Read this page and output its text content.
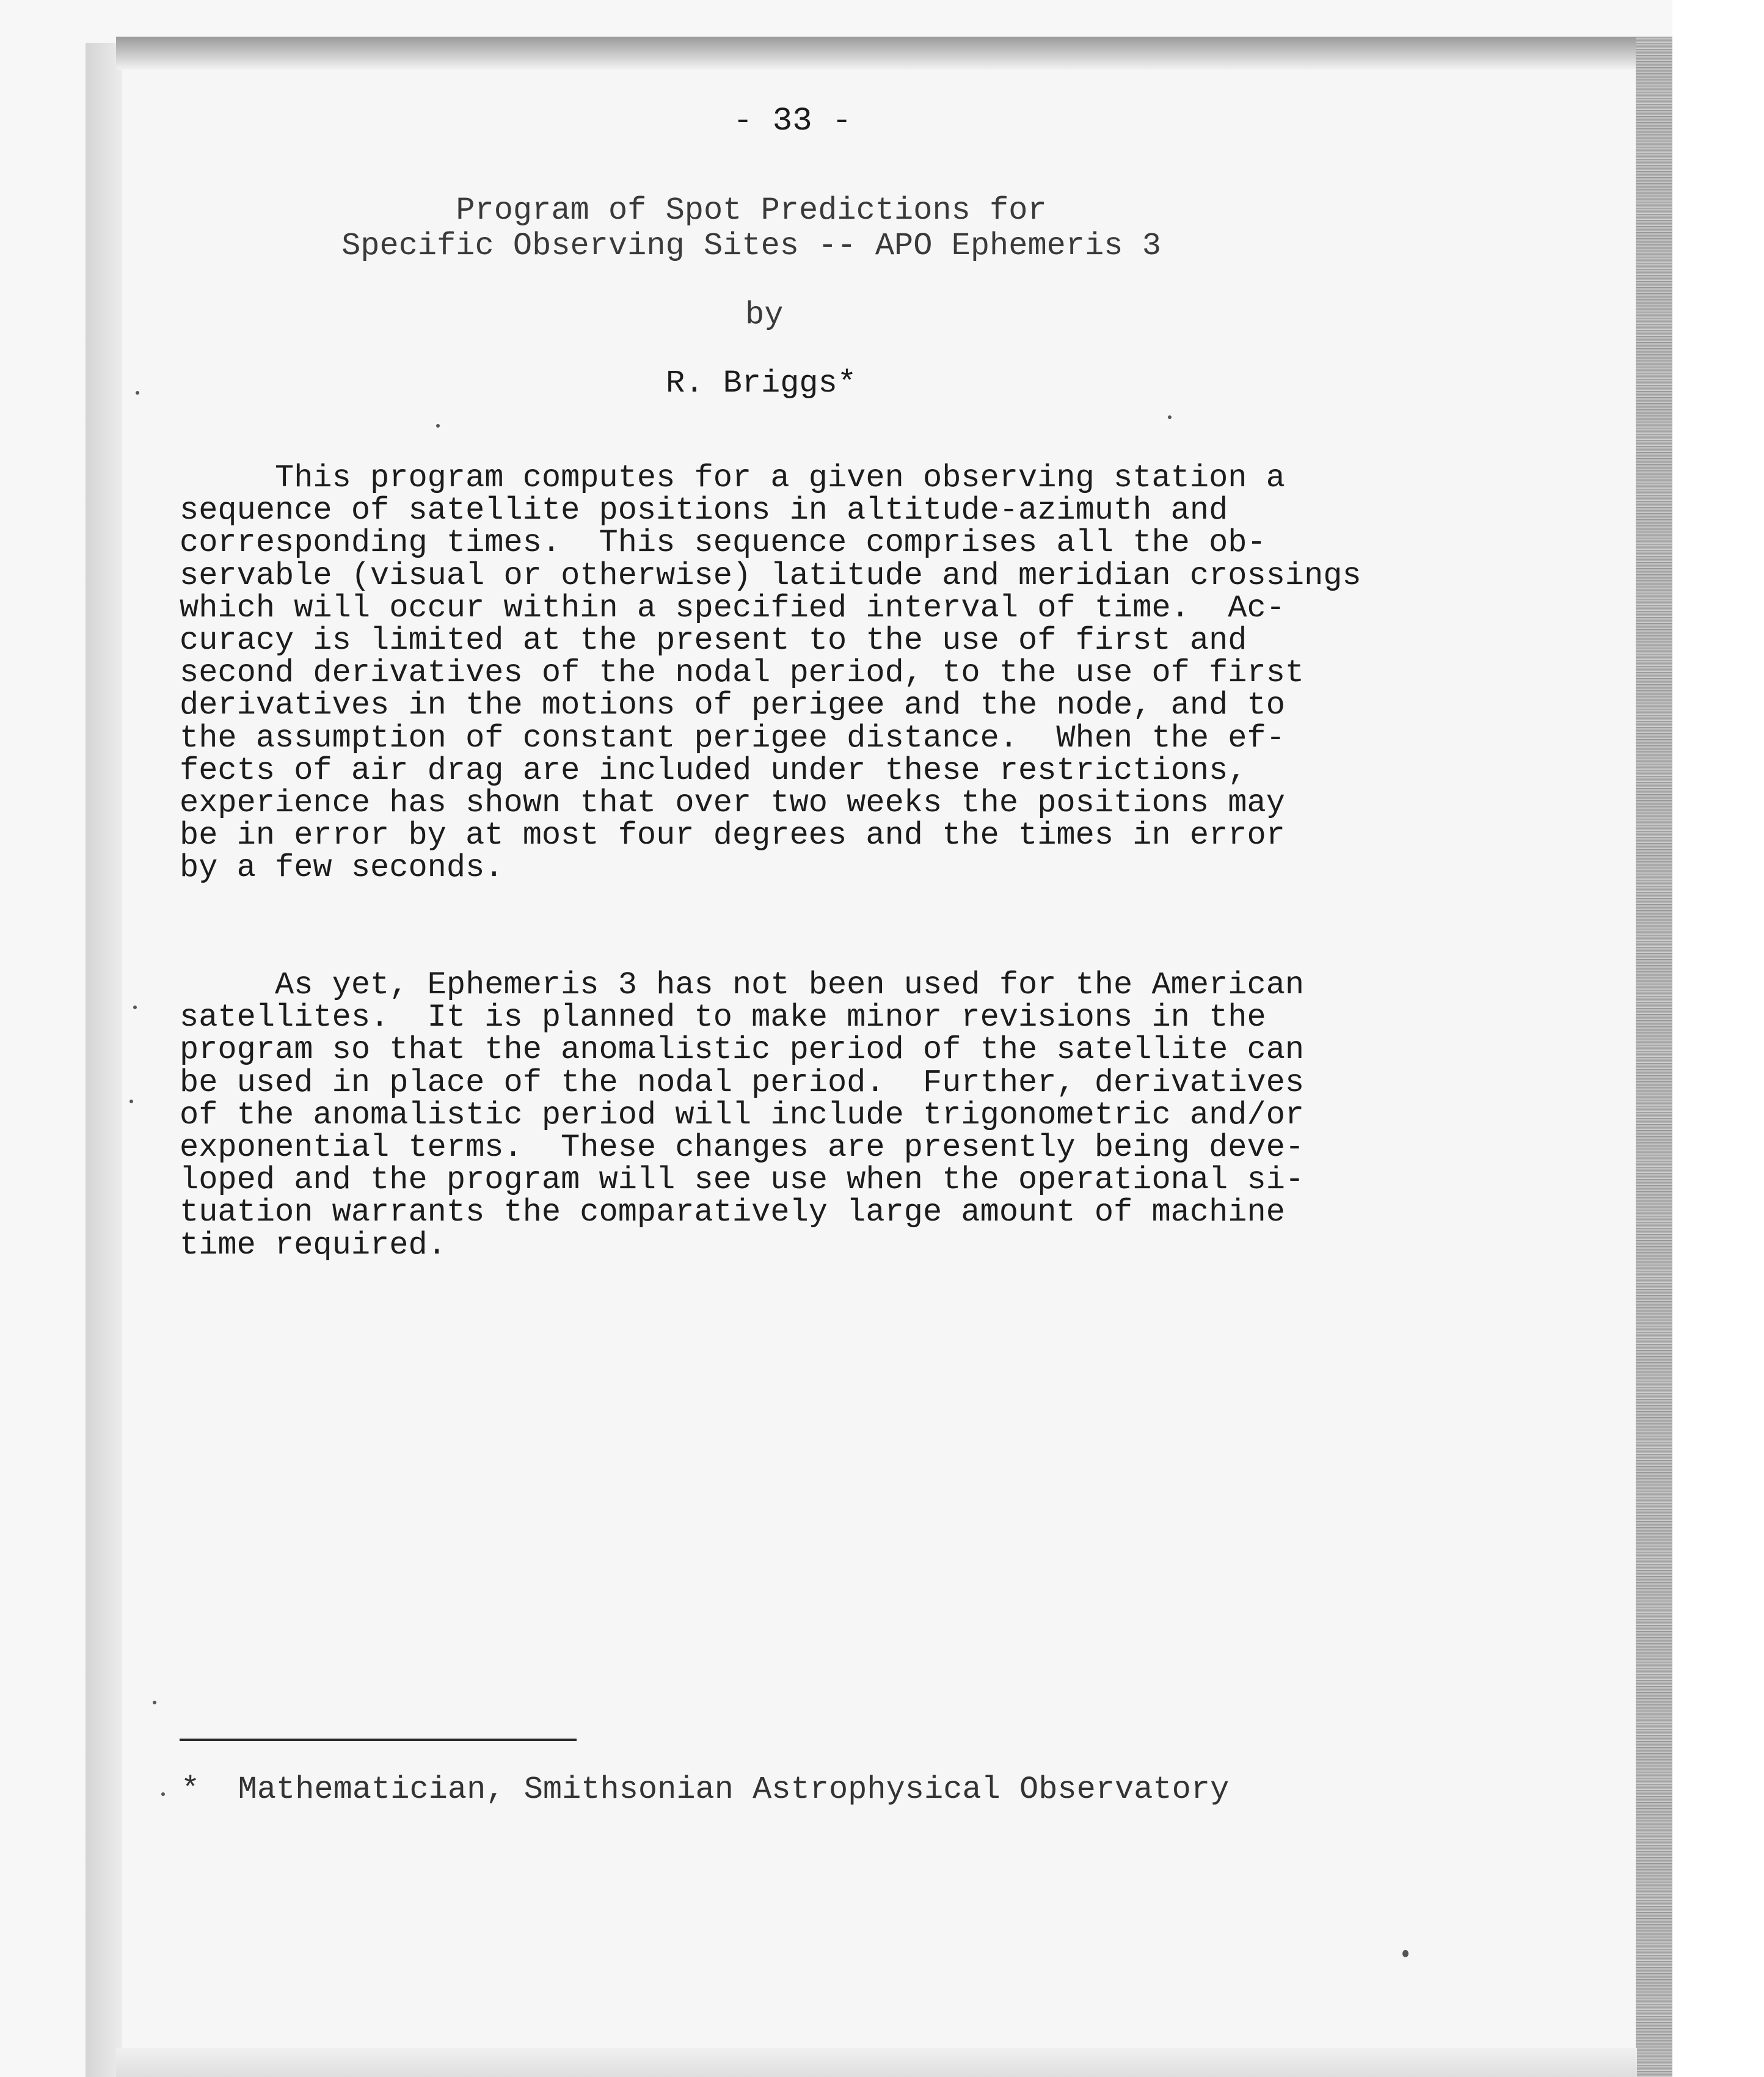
- 33 -
Program of Spot Predictions for
Specific Observing Sites -- APO Ephemeris 3
by
R. Briggs*
This program computes for a given observing station a
sequence of satellite positions in altitude-azimuth and
corresponding times.  This sequence comprises all the ob-
servable (visual or otherwise) latitude and meridian crossings
which will occur within a specified interval of time.  Ac-
curacy is limited at the present to the use of first and
second derivatives of the nodal period, to the use of first
derivatives in the motions of perigee and the node, and to
the assumption of constant perigee distance.  When the ef-
fects of air drag are included under these restrictions,
experience has shown that over two weeks the positions may
be in error by at most four degrees and the times in error
by a few seconds.
As yet, Ephemeris 3 has not been used for the American
satellites.  It is planned to make minor revisions in the
program so that the anomalistic period of the satellite can
be used in place of the nodal period.  Further, derivatives
of the anomalistic period will include trigonometric and/or
exponential terms.  These changes are presently being deve-
loped and the program will see use when the operational si-
tuation warrants the comparatively large amount of machine
time required.
*  Mathematician, Smithsonian Astrophysical Observatory
